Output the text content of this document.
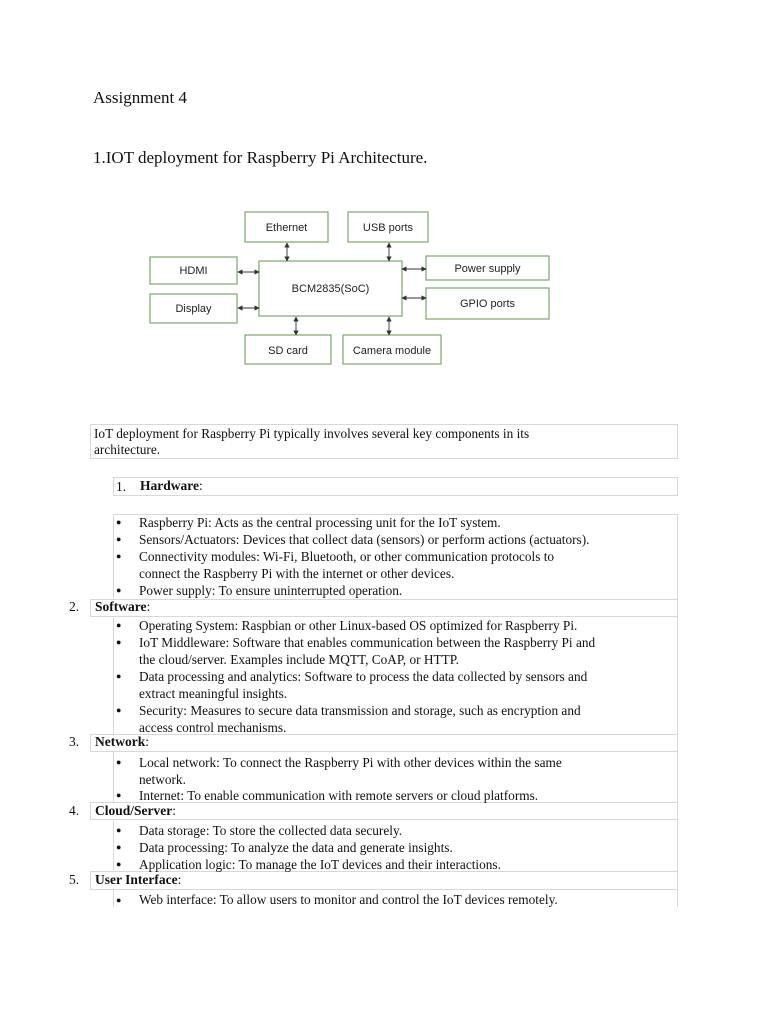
Assignment 4
1.IOT deployment for Raspberry Pi Architecture.
Ethernet	USB ports
HDMI
Display
BCM2835(SoC)
Power supply
GPIO ports
SD card	Camera module
IoT deployment for Raspberry Pi typically involves several key components in its
architecture.
1. Hardware:
● Raspberry Pi: Acts as the central processing unit for the IoT system.
● Sensors/Actuators: Devices that collect data (sensors) or perform actions (actuators).
● Connectivity modules: Wi-Fi, Bluetooth, or other communication protocols to
connect the Raspberry Pi with the internet or other devices.
● Power supply: To ensure uninterrupted operation.
2. Software:
● Operating System: Raspbian or other Linux-based OS optimized for Raspberry Pi.
● IoT Middleware: Software that enables communication between the Raspberry Pi and
the cloud/server. Examples include MQTT, CoAP, or HTTP.
● Data processing and analytics: Software to process the data collected by sensors and
extract meaningful insights.
● Security: Measures to secure data transmission and storage, such as encryption and
access control mechanisms.
3. Network:
● Local network: To connect the Raspberry Pi with other devices within the same
network.
● Internet: To enable communication with remote servers or cloud platforms.
4. Cloud/Server:
● Data storage: To store the collected data securely.
● Data processing: To analyze the data and generate insights.
● Application logic: To manage the IoT devices and their interactions.
5. User Interface:
● Web interface: To allow users to monitor and control the IoT devices remotely.
